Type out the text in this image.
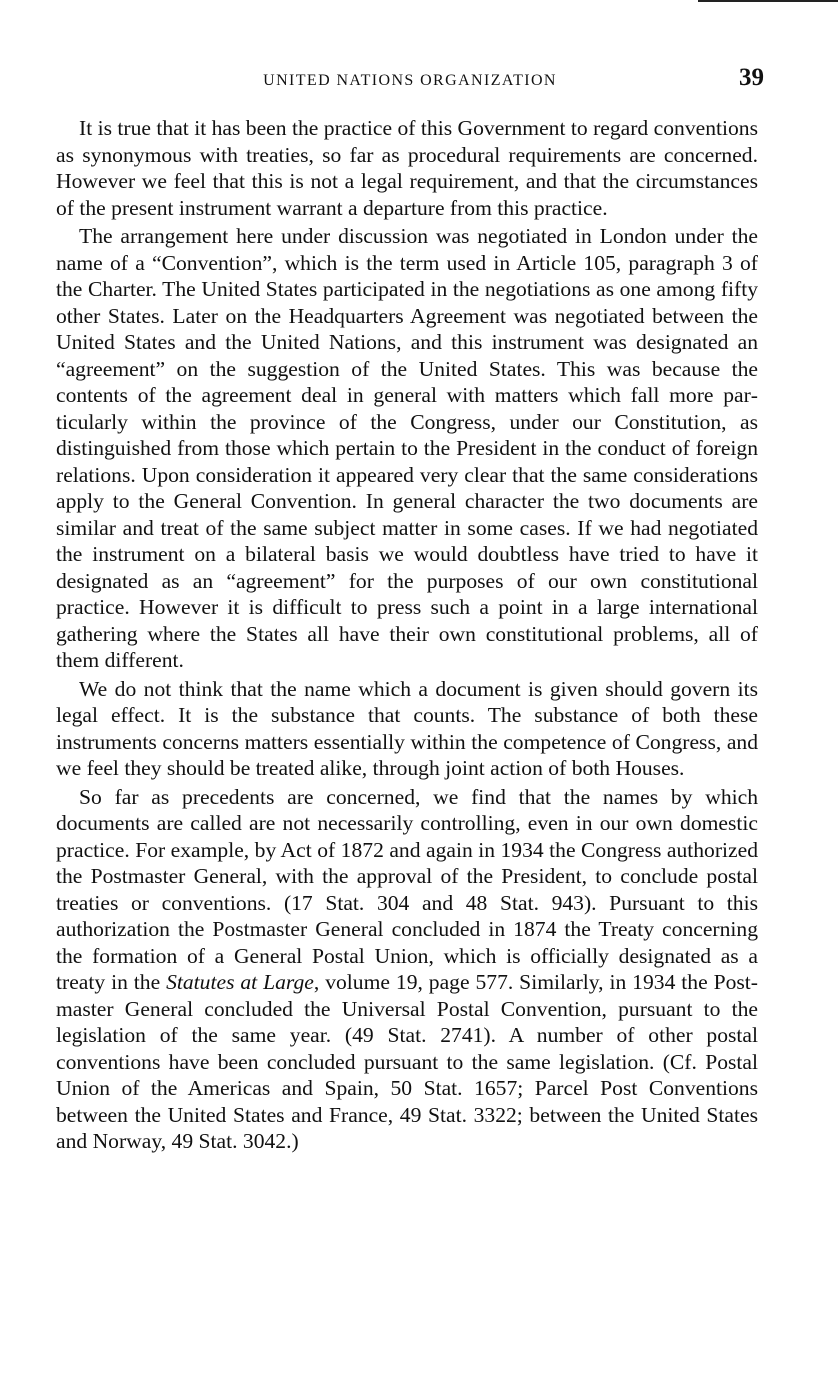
UNITED NATIONS ORGANIZATION	39

It is true that it has been the practice of this Government to regard conventions as synonymous with treaties, so far as procedural requirements are concerned. However we feel that this is not a legal requirement, and that the circumstances of the present instrument warrant a departure from this practice.

The arrangement here under discussion was negotiated in London under the name of a “Convention”, which is the term used in Article 105, paragraph 3 of the Charter. The United States participated in the negotiations as one among fifty other States. Later on the Headquarters Agreement was negotiated between the United States and the United Nations, and this instrument was designated an “agreement” on the suggestion of the United States. This was because the contents of the agreement deal in general with matters which fall more particularly within the province of the Congress, under our Constitution, as distinguished from those which pertain to the President in the conduct of foreign relations. Upon consideration it appeared very clear that the same considerations apply to the General Convention. In general character the two documents are similar and treat of the same subject matter in some cases. If we had negotiated the instrument on a bilateral basis we would doubtless have tried to have it designated as an “agreement” for the purposes of our own constitutional practice. However it is difficult to press such a point in a large international gathering where the States all have their own constitutional problems, all of them different.

We do not think that the name which a document is given should govern its legal effect. It is the substance that counts. The substance of both these instruments concerns matters essentially within the competence of Congress, and we feel they should be treated alike, through joint action of both Houses.

So far as precedents are concerned, we find that the names by which documents are called are not necessarily controlling, even in our own domestic practice. For example, by Act of 1872 and again in 1934 the Congress authorized the Postmaster General, with the approval of the President, to conclude postal treaties or conventions. (17 Stat. 304 and 48 Stat. 943). Pursuant to this authorization the Postmaster General concluded in 1874 the Treaty concerning the formation of a General Postal Union, which is officially designated as a treaty in the Statutes at Large, volume 19, page 577. Similarly, in 1934 the Postmaster General concluded the Universal Postal Convention, pursuant to the legislation of the same year. (49 Stat. 2741). A number of other postal conventions have been concluded pursuant to the same legislation. (Cf. Postal Union of the Americas and Spain, 50 Stat. 1657; Parcel Post Conventions between the United States and France, 49 Stat. 3322; between the United States and Norway, 49 Stat. 3042.)
